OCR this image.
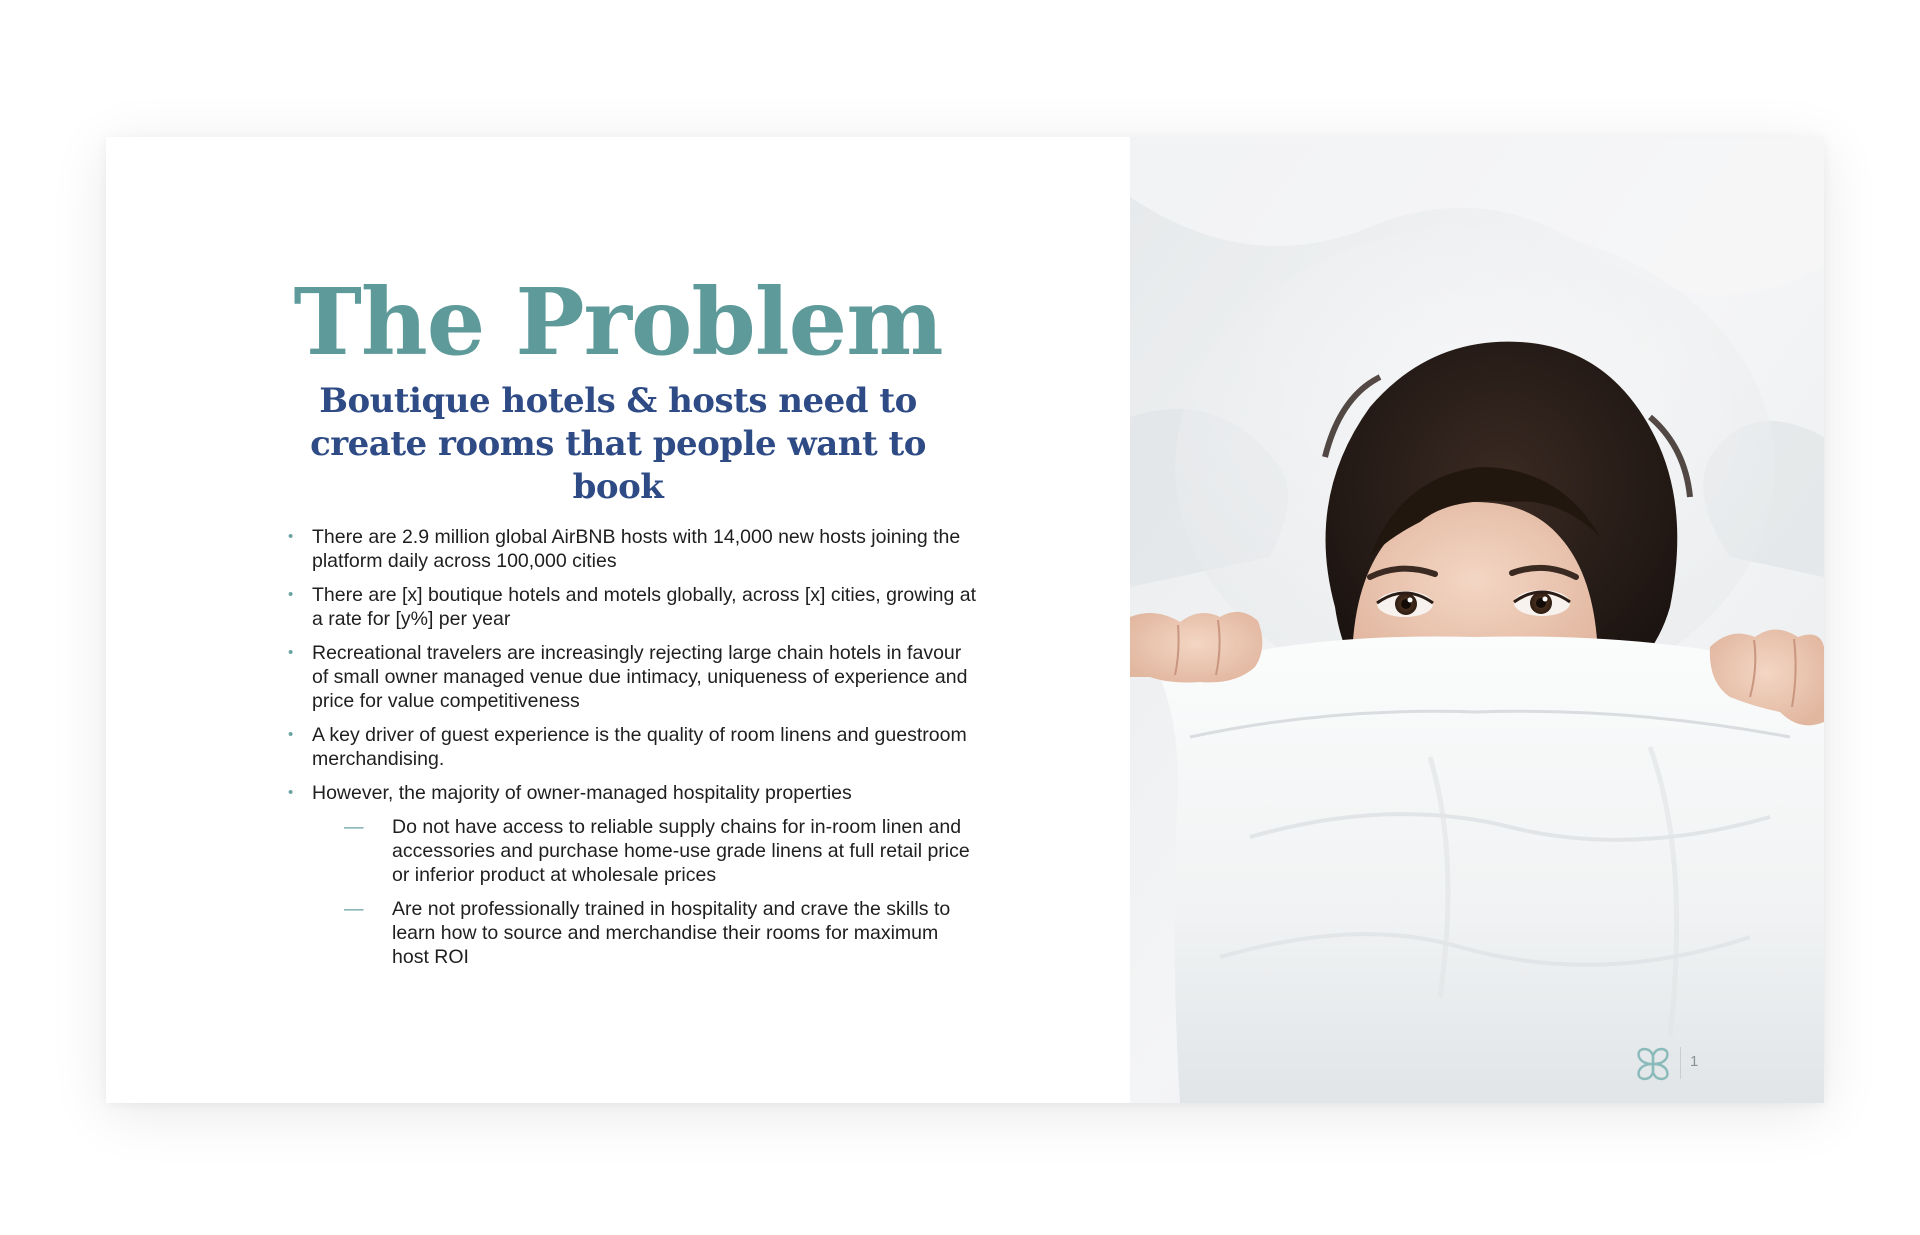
The Problem
Boutique hotels & hosts need to create rooms that people want to book
• There are 2.9 million global AirBNB hosts with 14,000 new hosts joining the platform daily across 100,000 cities
• There are [x] boutique hotels and motels globally, across [x] cities, growing at a rate for [y%] per year
• Recreational travelers are increasingly rejecting large chain hotels in favour of small owner managed venue due intimacy, uniqueness of experience and price for value competitiveness
• A key driver of guest experience is the quality of room linens and guestroom merchandising.
• However, the majority of owner-managed hospitality properties
— Do not have access to reliable supply chains for in-room linen and accessories and purchase home-use grade linens at full retail price or inferior product at wholesale prices
— Are not professionally trained in hospitality and crave the skills to learn how to source and merchandise their rooms for maximum host ROI
1
